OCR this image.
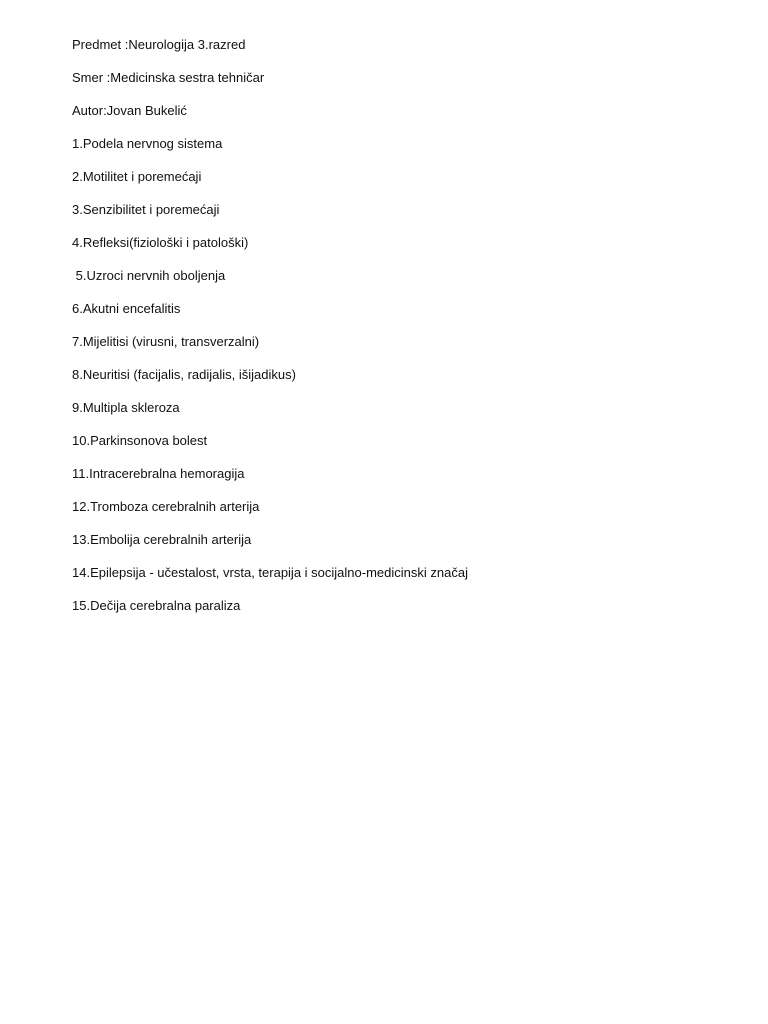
Predmet :Neurologija 3.razred
Smer :Medicinska sestra tehničar
Autor:Jovan Bukelić
1.Podela nervnog sistema
2.Motilitet i poremećaji
3.Senzibilitet i poremećaji
4.Refleksi(fiziološki i patološki)
5.Uzroci nervnih oboljenja
6.Akutni encefalitis
7.Mijelitisi (virusni, transverzalni)
8.Neuritisi (facijalis, radijalis, išijadikus)
9.Multipla skleroza
10.Parkinsonova bolest
11.Intracerebralna hemoragija
12.Tromboza cerebralnih arterija
13.Embolija cerebralnih arterija
14.Epilepsija - učestalost, vrsta, terapija i socijalno-medicinski značaj
15.Dečija cerebralna paraliza
